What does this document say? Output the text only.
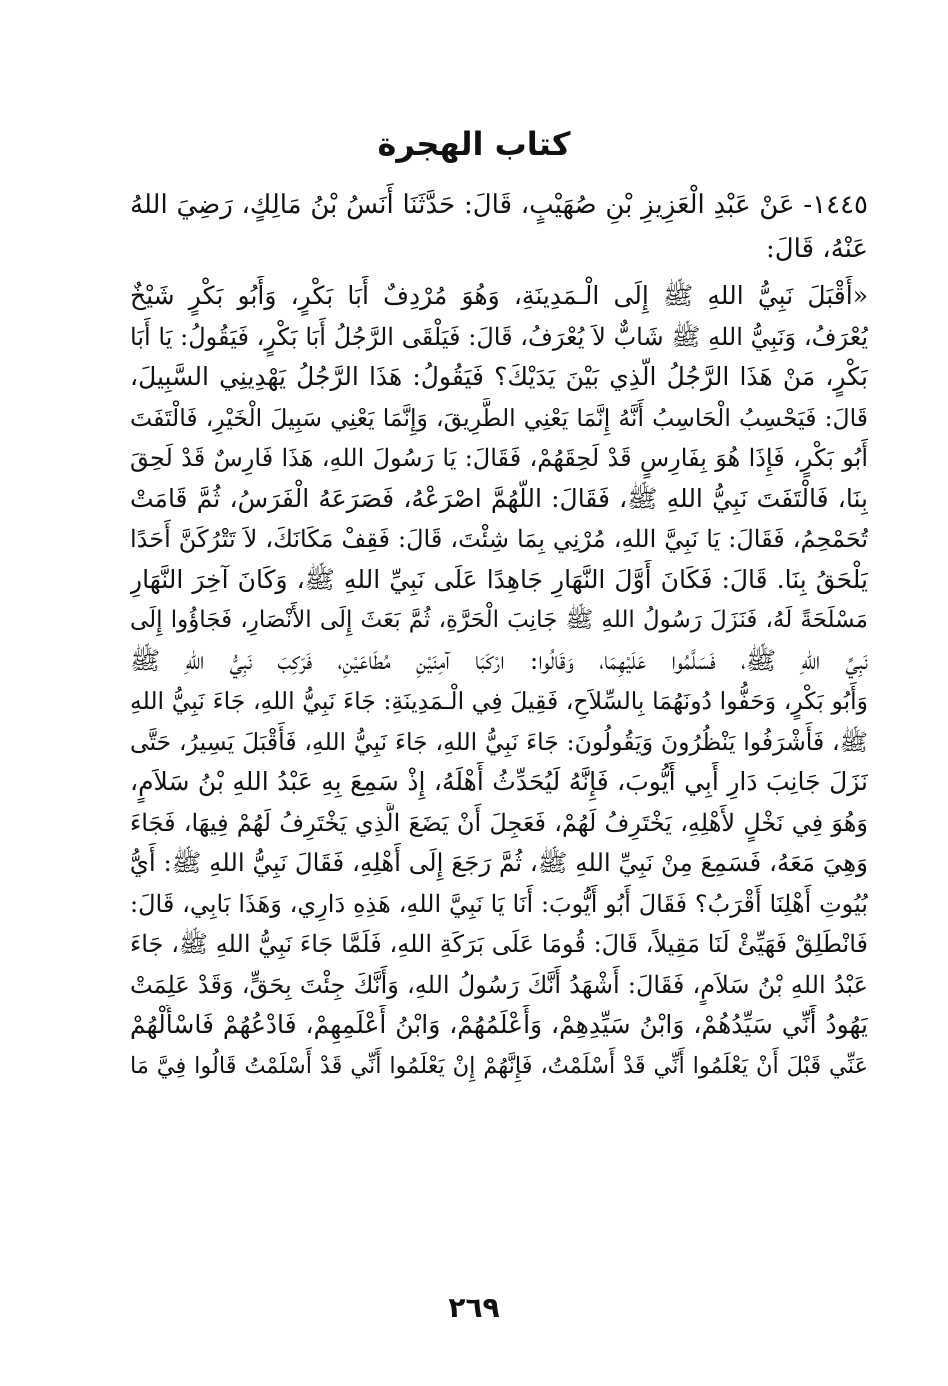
كتاب الهجرة
١٤٤٥- عَنْ عَبْدِ الْعَزِيزِ بْنِ صُهَيْبٍ، قَالَ: حَدَّثَنَا أَنَسُ بْنُ مَالِكٍ، رَضِيَ اللهُ عَنْهُ، قَالَ:
«أَقْبَلَ نَبِيُّ اللهِ ﷺ إِلَى الْـمَدِينَةِ، وَهُوَ مُرْدِفٌ أَبَا بَكْرٍ، وَأَبُو بَكْرٍ شَيْخٌ
يُعْرَفُ، وَنَبِيُّ اللهِ ﷺ شَابٌّ لاَ يُعْرَفُ، قَالَ: فَيَلْقَى الرَّجُلُ أَبَا بَكْرٍ، فَيَقُولُ: يَا أَبَا
بَكْرٍ، مَنْ هَذَا الرَّجُلُ الَّذِي بَيْنَ يَدَيْكَ؟ فَيَقُولُ: هَذَا الرَّجُلُ يَهْدِينِي السَّبِيلَ،
قَالَ: فَيَحْسِبُ الْحَاسِبُ أَنَّهُ إِنَّمَا يَعْنِي الطَّرِيقَ، وَإِنَّمَا يَعْنِي سَبِيلَ الْخَيْرِ، فَالْتَفَتَ
أَبُو بَكْرٍ، فَإِذَا هُوَ بِفَارِسٍ قَدْ لَحِقَهُمْ، فَقَالَ: يَا رَسُولَ اللهِ، هَذَا فَارِسٌ قَدْ لَحِقَ
بِنَا، فَالْتَفَتَ نَبِيُّ اللهِ ﷺ، فَقَالَ: اللَّهُمَّ اصْرَعْهُ، فَصَرَعَهُ الْفَرَسُ، ثُمَّ قَامَتْ
تُحَمْحِمُ، فَقَالَ: يَا نَبِيَّ اللهِ، مُرْنِي بِمَا شِئْتَ، قَالَ: فَقِفْ مَكَانَكَ، لاَ تَتْرُكَنَّ أَحَدًا
يَلْحَقُ بِنَا. قَالَ: فَكَانَ أَوَّلَ النَّهَارِ جَاهِدًا عَلَى نَبِيِّ اللهِ ﷺ، وَكَانَ آخِرَ النَّهَارِ
مَسْلَحَةً لَهُ، فَنَزَلَ رَسُولُ اللهِ ﷺ جَانِبَ الْحَرَّةِ، ثُمَّ بَعَثَ إِلَى الأَنْصَارِ، فَجَاؤُوا إِلَى
نَبِيِّ اللهِ ﷺ، فَسَلَّمُوا عَلَيْهِمَا، وَقَالُوا: ارْكَبَا آمِنَيْنِ مُطَاعَيْنِ، فَرَكِبَ نَبِيُّ اللهِ ﷺ
وَأَبُو بَكْرٍ، وَحَفُّوا دُونَهُمَا بِالسِّلاَحِ، فَقِيلَ فِي الْـمَدِينَةِ: جَاءَ نَبِيُّ اللهِ، جَاءَ نَبِيُّ اللهِ
ﷺ، فَأَشْرَفُوا يَنْظُرُونَ وَيَقُولُونَ: جَاءَ نَبِيُّ اللهِ، جَاءَ نَبِيُّ اللهِ، فَأَقْبَلَ يَسِيرُ، حَتَّى
نَزَلَ جَانِبَ دَارِ أَبِي أَيُّوبَ، فَإِنَّهُ لَيُحَدِّثُ أَهْلَهُ، إِذْ سَمِعَ بِهِ عَبْدُ اللهِ بْنُ سَلاَمٍ،
وَهُوَ فِي نَخْلٍ لأَهْلِهِ، يَخْتَرِفُ لَهُمْ، فَعَجِلَ أَنْ يَضَعَ الَّذِي يَخْتَرِفُ لَهُمْ فِيهَا، فَجَاءَ
وَهِيَ مَعَهُ، فَسَمِعَ مِنْ نَبِيِّ اللهِ ﷺ، ثُمَّ رَجَعَ إِلَى أَهْلِهِ، فَقَالَ نَبِيُّ اللهِ ﷺ: أَيُّ
بُيُوتِ أَهْلِنَا أَقْرَبُ؟ فَقَالَ أَبُو أَيُّوبَ: أَنَا يَا نَبِيَّ اللهِ، هَذِهِ دَارِي، وَهَذَا بَابِي، قَالَ:
فَانْطَلِقْ فَهَيِّئْ لَنَا مَقِيلاً، قَالَ: قُومَا عَلَى بَرَكَةِ اللهِ، فَلَمَّا جَاءَ نَبِيُّ اللهِ ﷺ، جَاءَ
عَبْدُ اللهِ بْنُ سَلاَمٍ، فَقَالَ: أَشْهَدُ أَنَّكَ رَسُولُ اللهِ، وَأَنَّكَ جِئْتَ بِحَقٍّ، وَقَدْ عَلِمَتْ
يَهُودُ أَنِّي سَيِّدُهُمْ، وَابْنُ سَيِّدِهِمْ، وَأَعْلَمُهُمْ، وَابْنُ أَعْلَمِهِمْ، فَادْعُهُمْ فَاسْأَلْهُمْ
عَنِّي قَبْلَ أَنْ يَعْلَمُوا أَنِّي قَدْ أَسْلَمْتُ، فَإِنَّهُمْ إِنْ يَعْلَمُوا أَنِّي قَدْ أَسْلَمْتُ قَالُوا فِيَّ مَا
٢٦٩
